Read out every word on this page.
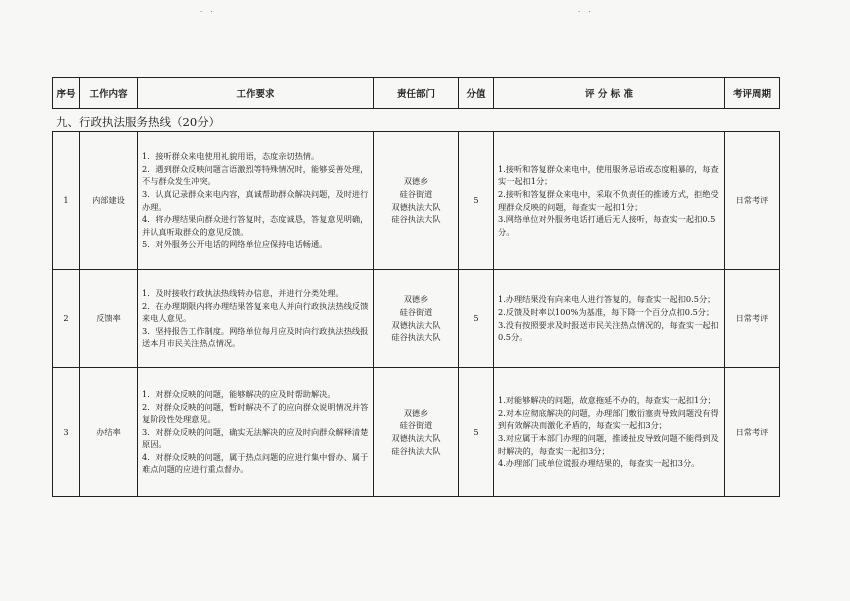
· ·	· ·
序号	工作内容	工作要求	责任部门	分值	评 分 标 准	考评周期
九、行政执法服务热线（20分）
1	内部建设	1．接听群众来电使用礼貌用语，态度亲切热情。
2．遇到群众反映问题言语激烈等特殊情况时，能够妥善处理，不与群众发生冲突。
3．认真记录群众来电内容，真诚帮助群众解决问题，及时进行办理。
4．将办理结果向群众进行答复时，态度诚恳，答复意见明确，并认真听取群众的意见反馈。
5．对外服务公开电话的网络单位应保持电话畅通。	双德乡
硅谷街道
双德执法大队
硅谷执法大队	5	1.接听和答复群众来电中，使用服务忌语或态度粗暴的，每查实一起扣1分；
2.接听和答复群众来电中，采取不负责任的推诿方式，拒绝受理群众反映的问题，每查实一起扣1分；
3.网络单位对外服务电话打通后无人接听，每查实一起扣0.5分。	日常考评
2	反馈率	1．及时接收行政执法热线转办信息，并进行分类处理。
2．在办理期限内将办理结果答复来电人并向行政执法热线反馈来电人意见。
3．坚持报告工作制度。网络单位每月应及时向行政执法热线报送本月市民关注热点情况。	双德乡
硅谷街道
双德执法大队
硅谷执法大队	5	1.办理结果没有向来电人进行答复的，每查实一起扣0.5分；
2.反馈及时率以100%为基准，每下降一个百分点扣0.5分；
3.没有按照要求及时报送市民关注热点情况的，每查实一起扣0.5分。	日常考评
3	办结率	1．对群众反映的问题，能够解决的应及时帮助解决。
2．对群众反映的问题，暂时解决不了的应向群众说明情况并答复阶段性处理意见。
3．对群众反映的问题，确实无法解决的应及时向群众解释清楚原因。
4．对群众反映的问题，属于热点问题的应进行集中督办、属于难点问题的应进行重点督办。	双德乡
硅谷街道
双德执法大队
硅谷执法大队	5	1.对能够解决的问题，故意拖延不办的，每查实一起扣1分；
2.对本应彻底解决的问题，办理部门敷衍塞责导致问题没有得到有效解决而激化矛盾的，每查实一起扣3分；
3.对应属于本部门办理的问题，推诿扯皮导致问题不能得到及时解决的，每查实一起扣3分；
4.办理部门或单位谎报办理结果的，每查实一起扣3分。	日常考评
